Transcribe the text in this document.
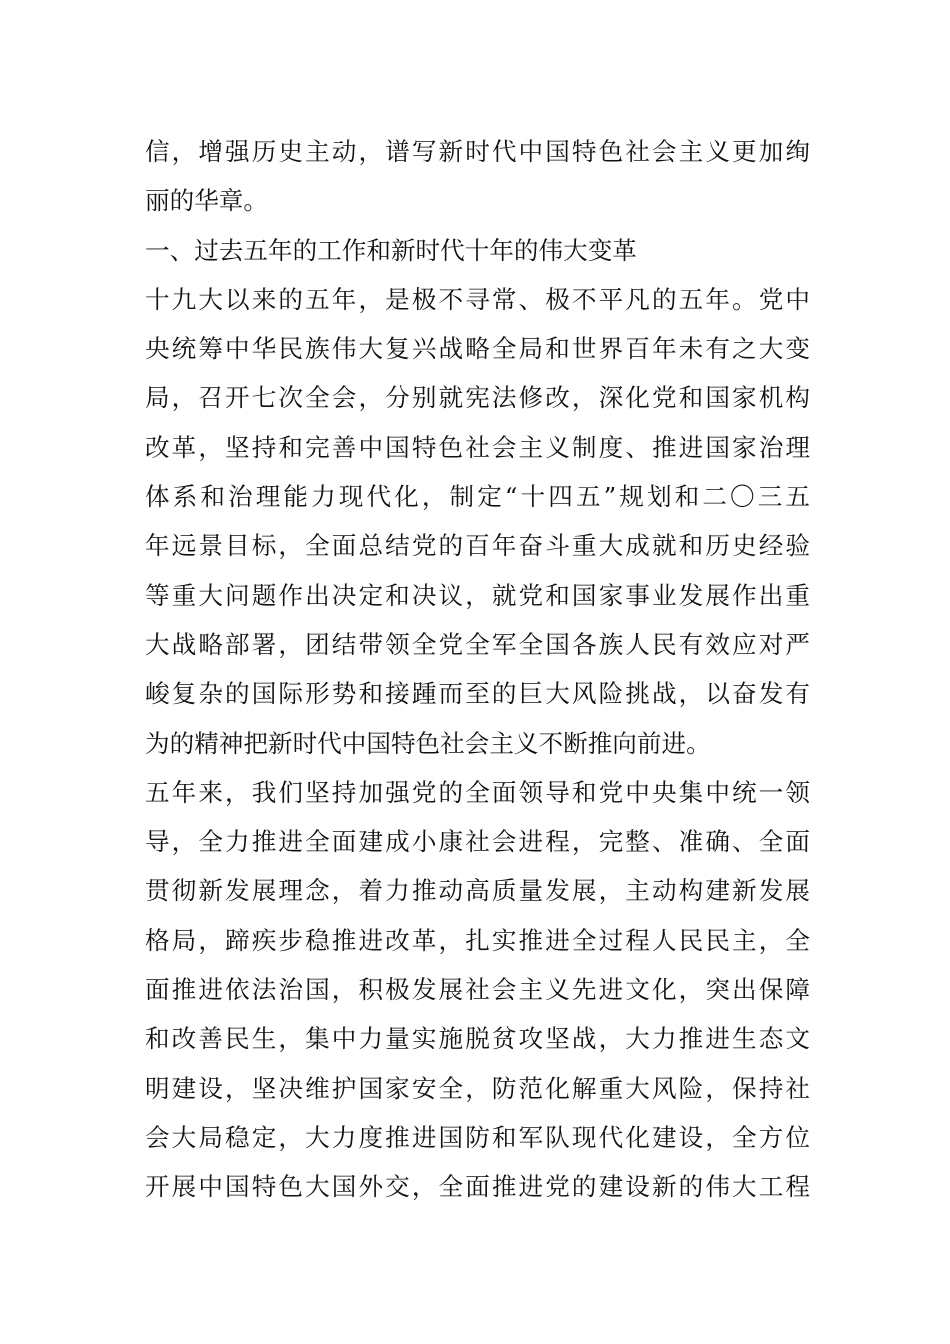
信，增强历史主动，谱写新时代中国特色社会主义更加绚
丽的华章。
一、过去五年的工作和新时代十年的伟大变革
十九大以来的五年，是极不寻常、极不平凡的五年。党中
央统筹中华民族伟大复兴战略全局和世界百年未有之大变
局，召开七次全会，分别就宪法修改，深化党和国家机构
改革，坚持和完善中国特色社会主义制度、推进国家治理
体系和治理能力现代化，制定“十四五”规划和二〇三五
年远景目标，全面总结党的百年奋斗重大成就和历史经验
等重大问题作出决定和决议，就党和国家事业发展作出重
大战略部署，团结带领全党全军全国各族人民有效应对严
峻复杂的国际形势和接踵而至的巨大风险挑战，以奋发有
为的精神把新时代中国特色社会主义不断推向前进。
五年来，我们坚持加强党的全面领导和党中央集中统一领
导，全力推进全面建成小康社会进程，完整、准确、全面
贯彻新发展理念，着力推动高质量发展，主动构建新发展
格局，蹄疾步稳推进改革，扎实推进全过程人民民主，全
面推进依法治国，积极发展社会主义先进文化，突出保障
和改善民生，集中力量实施脱贫攻坚战，大力推进生态文
明建设，坚决维护国家安全，防范化解重大风险，保持社
会大局稳定，大力度推进国防和军队现代化建设，全方位
开展中国特色大国外交，全面推进党的建设新的伟大工程
